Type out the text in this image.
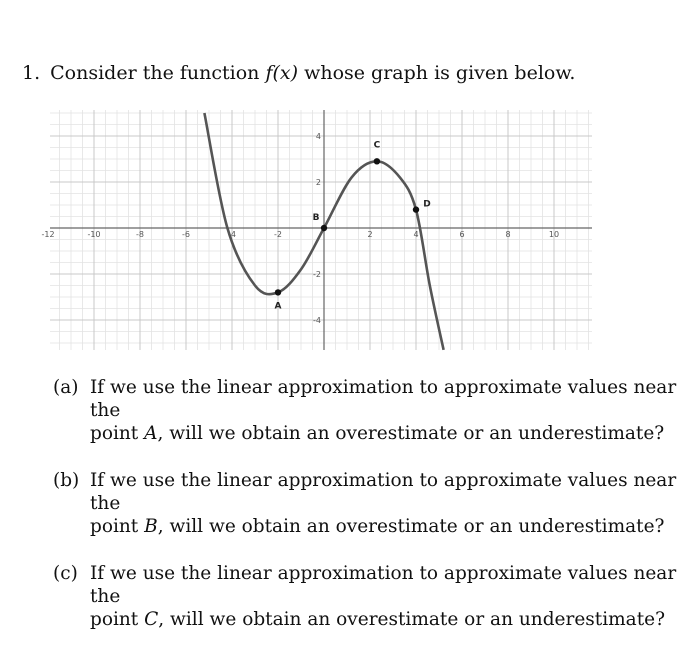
1. Consider the function f(x) whose graph is given below.
-12	-10	-8	-6	-4	-2	2	4	6	8	10
4
2
-2
-4
A
B
C
D
(a) If we use the linear approximation to approximate values near the
point A, will we obtain an overestimate or an underestimate?
(b) If we use the linear approximation to approximate values near the
point B, will we obtain an overestimate or an underestimate?
(c) If we use the linear approximation to approximate values near the
point C, will we obtain an overestimate or an underestimate?
